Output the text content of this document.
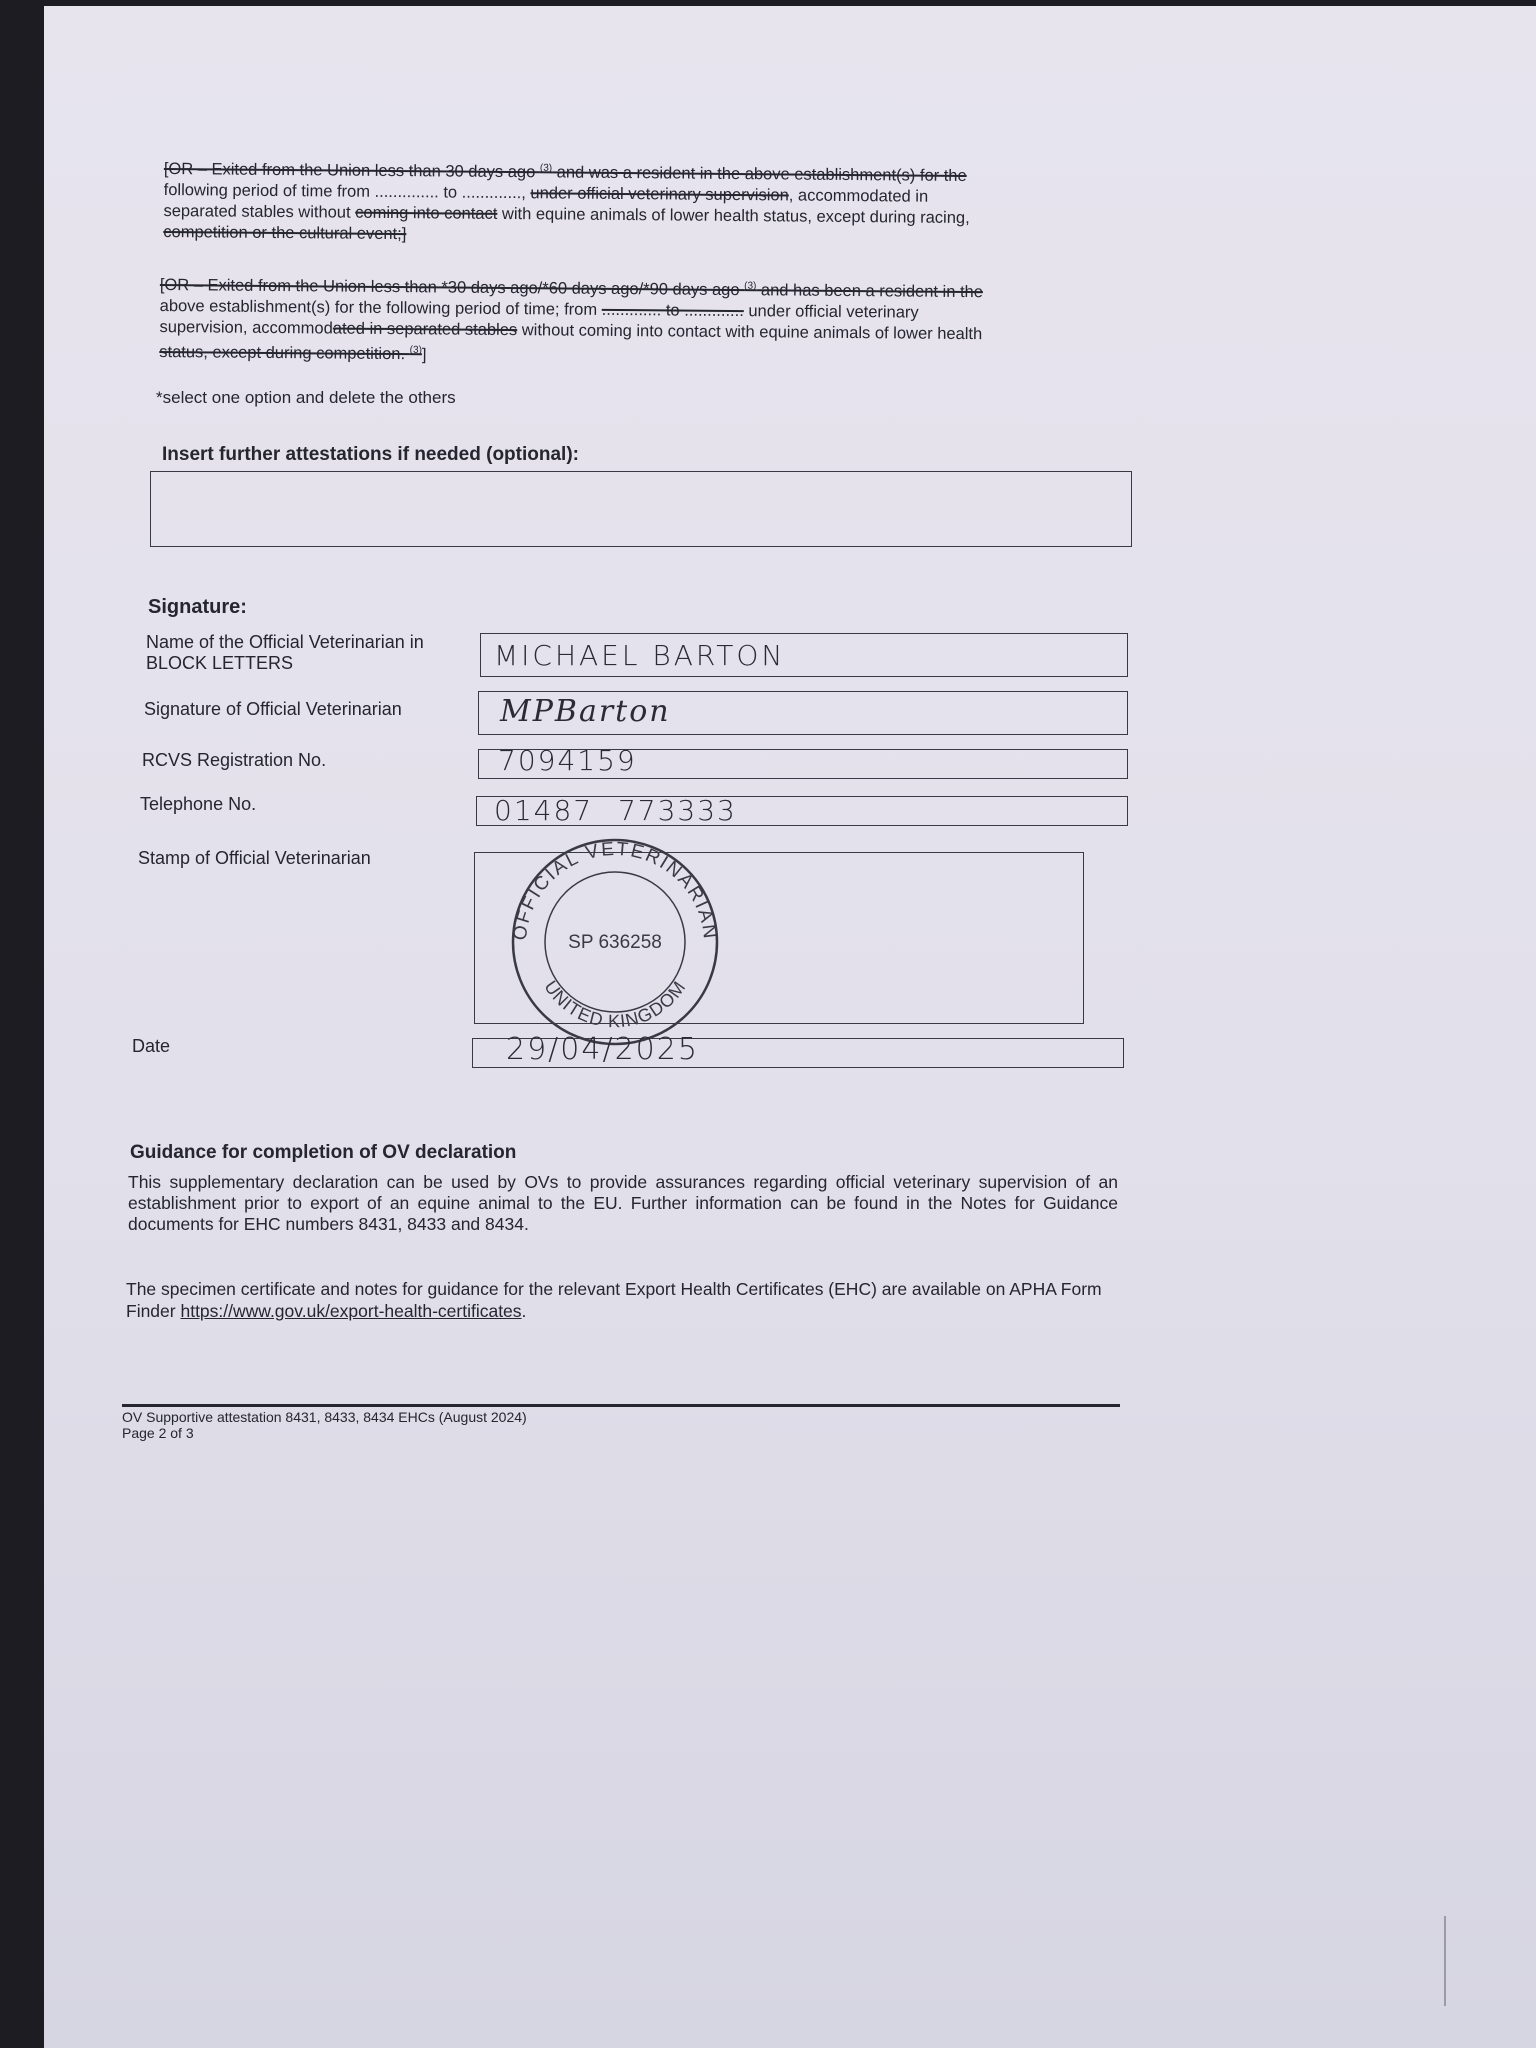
[OR – Exited from the Union less than 30 days ago $^{(3)}$ and was a resident in the above establishment(s) for the
following period of time from .............. to ............., under official veterinary supervision, accommodated in
separated stables without coming into contact with equine animals of lower health status, except during racing,
competition or the cultural event;]
[OR – Exited from the Union less than *30 days ago/*60 days ago/*90 days ago $^{(3)}$ and has been a resident in the
above establishment(s) for the following period of time; from ............. to ............. under official veterinary
supervision, accommodated in separated stables without coming into contact with equine animals of lower health
status, except during competition. $^{(3)}$]
*select one option and delete the others
Insert further attestations if needed (optional):
Signature:
Name of the Official Veterinarian in BLOCK LETTERS	MICHAEL BARTON
Signature of Official Veterinarian	MPBarton
RCVS Registration No.	7094159
Telephone No.	01487 773333
Stamp of Official Veterinarian
OFFICIAL VETERINARIAN
UNITED KINGDOM
SP 636258
Date	29/04/2025
Guidance for completion of OV declaration
This supplementary declaration can be used by OVs to provide assurances regarding official veterinary supervision of an establishment prior to export of an equine animal to the EU. Further information can be found in the Notes for Guidance documents for EHC numbers 8431, 8433 and 8434.
The specimen certificate and notes for guidance for the relevant Export Health Certificates (EHC) are available on APHA Form Finder https://www.gov.uk/export-health-certificates.
OV Supportive attestation 8431, 8433, 8434 EHCs (August 2024)
Page 2 of 3
